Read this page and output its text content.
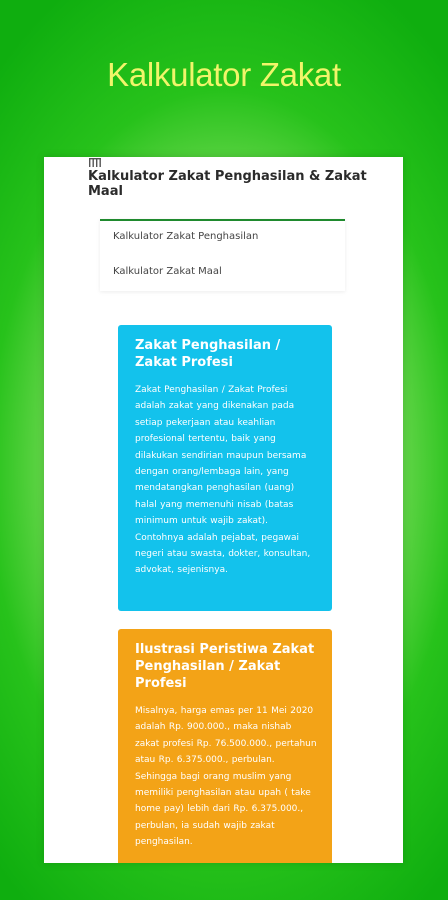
Kalkulator Zakat
Kalkulator Zakat Penghasilan & Zakat Maal
Kalkulator Zakat Penghasilan
Kalkulator Zakat Maal
Zakat Penghasilan / Zakat Profesi

Zakat Penghasilan / Zakat Profesi adalah zakat yang dikenakan pada setiap pekerjaan atau keahlian profesional tertentu, baik yang dilakukan sendirian maupun bersama dengan orang/lembaga lain, yang mendatangkan penghasilan (uang) halal yang memenuhi nisab (batas minimum untuk wajib zakat). Contohnya adalah pejabat, pegawai negeri atau swasta, dokter, konsultan, advokat, sejenisnya.

Ilustrasi Peristiwa Zakat Penghasilan / Zakat Profesi

Misalnya, harga emas per 11 Mei 2020 adalah Rp. 900.000., maka nishab zakat profesi Rp. 76.500.000., pertahun atau Rp. 6.375.000., perbulan. Sehingga bagi orang muslim yang memiliki penghasilan atau upah ( take home pay) lebih dari Rp. 6.375.000., perbulan, ia sudah wajib zakat penghasilan.
